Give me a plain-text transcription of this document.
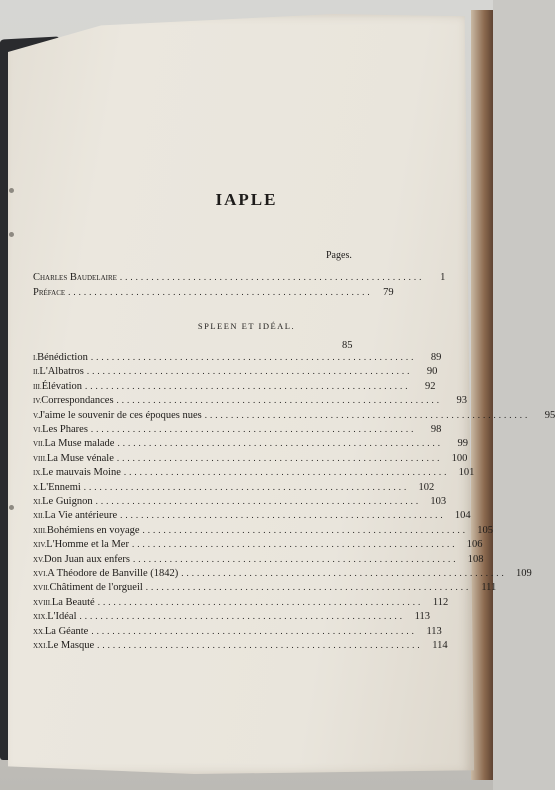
IAPLE
Pages.
Charles Baudelaire ..........................................................	1
Préface ..........................................................	79
SPLEEN ET IDÉAL.
85
I. Bénédiction ..............................................................	89
II. L'Albatros ..............................................................	90
III. Élévation ..............................................................	92
IV. Correspondances ..............................................................	93
V. J'aime le souvenir de ces époques nues ..............................................................	95
VI. Les Phares ..............................................................	98
VII. La Muse malade ..............................................................	99
VIII. La Muse vénale .............................................................. 100
IX. Le mauvais Moine .............................................................. 101
X. L'Ennemi .............................................................. 102
XI. Le Guignon .............................................................. 103
XII. La Vie antérieure .............................................................. 104
XIII. Bohémiens en voyage .............................................................. 105
XIV. L'Homme et la Mer .............................................................. 106
XV. Don Juan aux enfers .............................................................. 108
XVI. A Théodore de Banville (1842) .............................................................. 109
XVII. Châtiment de l'orgueil .............................................................. 111
XVIII. La Beauté .............................................................. 112
XIX. L'Idéal .............................................................. 113
XX. La Géante .............................................................. 113
XXI. Le Masque .............................................................. 114
